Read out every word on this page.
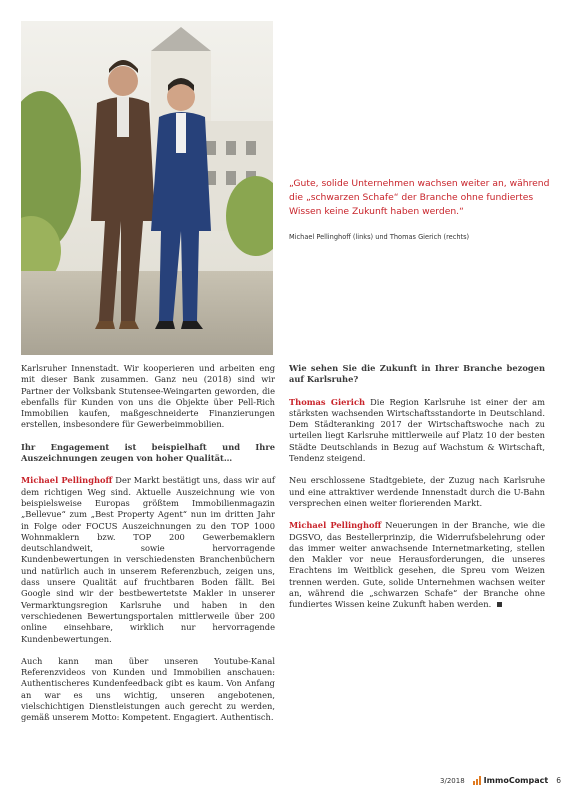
„Gute, solide Unternehmen wachsen weiter an, während die „schwarzen Schafe“ der Branche ohne fundiertes Wissen keine Zukunft haben werden.“
Michael Pellinghoff (links) und Thomas Gierich (rechts)

Karlsruher Innenstadt. Wir kooperieren und arbeiten eng mit dieser Bank zusammen. Ganz neu (2018) sind wir Partner der Volksbank Stutensee-Weingarten geworden, die ebenfalls für Kunden von uns die Objekte über Pell-Rich Immobilien kaufen, maßgeschneiderte Finanzierungen erstellen, insbesondere für Gewerbeimmobilien.

Ihr Engagement ist beispielhaft und Ihre Auszeichnungen zeugen von hoher Qualität…

Michael Pellinghoff Der Markt bestätigt uns, dass wir auf dem richtigen Weg sind. Aktuelle Auszeichnung wie von beispielsweise Europas größtem Immobilienmagazin „Bellevue“ zum „Best Property Agent“ nun im dritten Jahr in Folge oder FOCUS Auszeichnungen zu den TOP 1000 Wohnmaklern bzw. TOP 200 Gewerbemaklern deutschlandweit, sowie hervorragende Kundenbewertungen in verschiedensten Branchenbüchern und natürlich auch in unserem Referenzbuch, zeigen uns, dass unsere Qualität auf fruchtbaren Boden fällt. Bei Google sind wir der bestbewertetste Makler in unserer Vermarktungsregion Karlsruhe und haben in den verschiedenen Bewertungsportalen mittlerweile über 200 online einsehbare, wirklich nur hervorragende Kundenbewertungen.

Auch kann man über unseren Youtube-Kanal Referenzvideos von Kunden und Immobilien anschauen: Authentischeres Kundenfeedback gibt es kaum. Von Anfang an war es uns wichtig, unseren angebotenen, vielschichtigen Dienstleistungen auch gerecht zu werden, gemäß unserem Motto: Kompetent. Engagiert. Authentisch.

Wie sehen Sie die Zukunft in Ihrer Branche bezogen auf Karlsruhe?

Thomas Gierich Die Region Karlsruhe ist einer der am stärksten wachsenden Wirtschaftsstandorte in Deutschland. Dem Städteranking 2017 der Wirtschaftswoche nach zu urteilen liegt Karlsruhe mittlerweile auf Platz 10 der besten Städte Deutschlands in Bezug auf Wachstum & Wirtschaft, Tendenz steigend.

Neu erschlossene Stadtgebiete, der Zuzug nach Karlsruhe und eine attraktiver werdende Innenstadt durch die U-Bahn versprechen einen weiter florierenden Markt.

Michael Pellinghoff Neuerungen in der Branche, wie die DGSVO, das Bestellerprinzip, die Widerrufsbelehrung oder das immer weiter anwachsende Internetmarketing, stellen den Makler vor neue Herausforderungen, die unseres Erachtens im Weitblick gesehen, die Spreu vom Weizen trennen werden. Gute, solide Unternehmen wachsen weiter an, während die „schwarzen Schafe“ der Branche ohne fundiertes Wissen keine Zukunft haben werden.

3/2018 ImmoCompact 6
